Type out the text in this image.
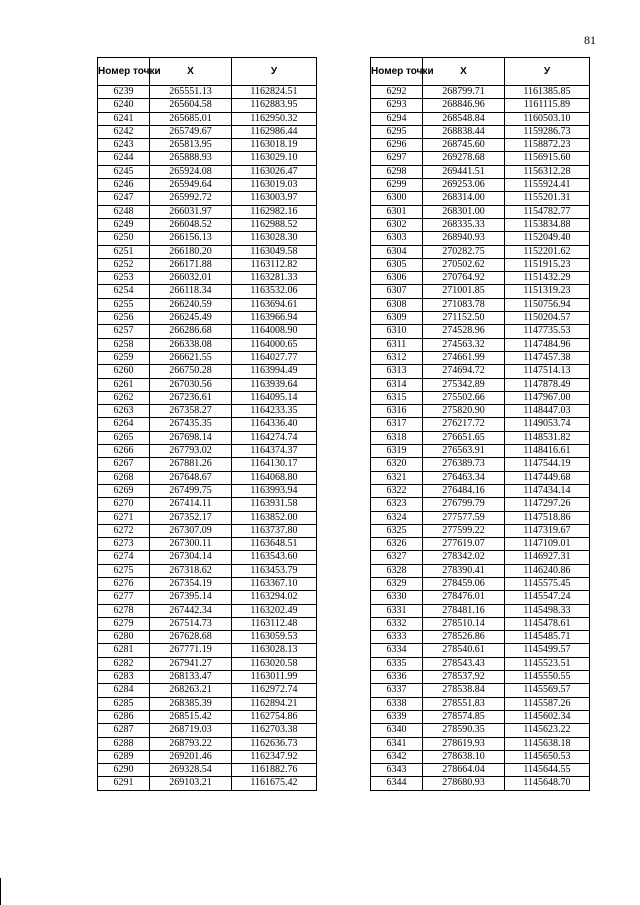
81
Номер точки	X	У
6239	265551.13	1162824.51
6240	265604.58	1162883.95
6241	265685.01	1162950.32
6242	265749.67	1162986.44
6243	265813.95	1163018.19
6244	265888.93	1163029.10
6245	265924.08	1163026.47
6246	265949.64	1163019.03
6247	265992.72	1163003.97
6248	266031.97	1162982.16
6249	266048.52	1162988.52
6250	266156.13	1163028.30
6251	266180.20	1163049.58
6252	266171.88	1163112.82
6253	266032.01	1163281.33
6254	266118.34	1163532.06
6255	266240.59	1163694.61
6256	266245.49	1163966.94
6257	266286.68	1164008.90
6258	266338.08	1164000.65
6259	266621.55	1164027.77
6260	266750.28	1163994.49
6261	267030.56	1163939.64
6262	267236.61	1164095.14
6263	267358.27	1164233.35
6264	267435.35	1164336.40
6265	267698.14	1164274.74
6266	267793.02	1164374.37
6267	267881.26	1164130.17
6268	267648.67	1164068.80
6269	267499.75	1163993.94
6270	267414.11	1163931.58
6271	267352.17	1163852.00
6272	267307.09	1163737.80
6273	267300.11	1163648.51
6274	267304.14	1163543.60
6275	267318.62	1163453.79
6276	267354.19	1163367.10
6277	267395.14	1163294.02
6278	267442.34	1163202.49
6279	267514.73	1163112.48
6280	267628.68	1163059.53
6281	267771.19	1163028.13
6282	267941.27	1163020.58
6283	268133.47	1163011.99
6284	268263.21	1162972.74
6285	268385.39	1162894.21
6286	268515.42	1162754.86
6287	268719.03	1162703.38
6288	268793.22	1162636.73
6289	269201.46	1162347.92
6290	269328.54	1161882.76
6291	269103.21	1161675.42
Номер точки	X	У
6292	268799.71	1161385.85
6293	268846.96	1161115.89
6294	268548.84	1160503.10
6295	268838.44	1159286.73
6296	268745.60	1158872.23
6297	269278.68	1156915.60
6298	269441.51	1156312.28
6299	269253.06	1155924.41
6300	268314.00	1155201.31
6301	268301.00	1154782.77
6302	268335.33	1153834.88
6303	268940.93	1152049.40
6304	270282.75	1152201.62
6305	270502.62	1151915.23
6306	270764.92	1151432.29
6307	271001.85	1151319.23
6308	271083.78	1150756.94
6309	271152.50	1150204.57
6310	274528.96	1147735.53
6311	274563.32	1147484.96
6312	274661.99	1147457.38
6313	274694.72	1147514.13
6314	275342.89	1147878.49
6315	275502.66	1147967.00
6316	275820.90	1148447.03
6317	276217.72	1149053.74
6318	276651.65	1148531.82
6319	276563.91	1148416.61
6320	276389.73	1147544.19
6321	276463.34	1147449.68
6322	276484.16	1147434.14
6323	276799.79	1147297.26
6324	277577.59	1147518.86
6325	277599.22	1147319.67
6326	277619.07	1147109.01
6327	278342.02	1146927.31
6328	278390.41	1146240.86
6329	278459.06	1145575.45
6330	278476.01	1145547.24
6331	278481.16	1145498.33
6332	278510.14	1145478.61
6333	278526.86	1145485.71
6334	278540.61	1145499.57
6335	278543.43	1145523.51
6336	278537.92	1145550.55
6337	278538.84	1145569.57
6338	278551.83	1145587.26
6339	278574.85	1145602.34
6340	278590.35	1145623.22
6341	278619.93	1145638.18
6342	278638.10	1145650.53
6343	278664.04	1145644.55
6344	278680.93	1145648.70
